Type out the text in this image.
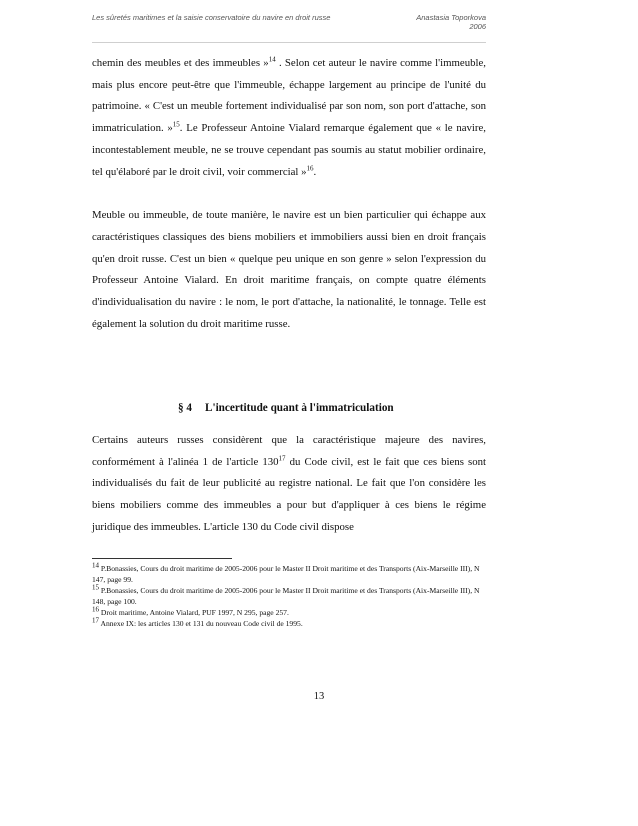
Les sûretés maritimes et la saisie conservatoire du navire en droit russe	Anastasia Toporkova
2006

chemin des meubles et des immeubles »$^{14}$ . Selon cet auteur le navire comme l'immeuble, mais plus encore peut-être que l'immeuble, échappe largement au principe de l'unité du patrimoine. « C'est un meuble fortement individualisé par son nom, son port d'attache, son immatriculation. »$^{15}$. Le Professeur Antoine Vialard remarque également que « le navire, incontestablement meuble, ne se trouve cependant pas soumis au statut mobilier ordinaire, tel qu'élaboré par le droit civil, voir commercial »$^{16}$.

Meuble ou immeuble, de toute manière, le navire est un bien particulier qui échappe aux caractéristiques classiques des biens mobiliers et immobiliers aussi bien en droit français qu'en droit russe. C'est un bien « quelque peu unique en son genre » selon l'expression du Professeur Antoine Vialard. En droit maritime français, on compte quatre éléments d'individualisation du navire : le nom, le port d'attache, la nationalité, le tonnage. Telle est également la solution du droit maritime russe.

§ 4 L'incertitude quant à l'immatriculation

Certains auteurs russes considèrent que la caractéristique majeure des navires, conformément à l'alinéa 1 de l'article $130^{17}$ du Code civil, est le fait que ces biens sont individualisés du fait de leur publicité au registre national. Le fait que l'on considère les biens mobiliers comme des immeubles a pour but d'appliquer à ces biens le régime juridique des immeubles. L'article 130 du Code civil dispose

$^{14}$ P.Bonassies, Cours du droit maritime de 2005-2006 pour le Master II Droit maritime et des Transports (Aix-Marseille III), N 147, page 99.

$^{15}$ P.Bonassies, Cours du droit maritime de 2005-2006 pour le Master II Droit maritime et des Transports (Aix-Marseille III), N 148, page 100.

$^{16}$ Droit maritime, Antoine Vialard, PUF 1997, N 295, page 257.

$^{17}$ Annexe IX: les articles 130 et 131 du nouveau Code civil de 1995.

13
